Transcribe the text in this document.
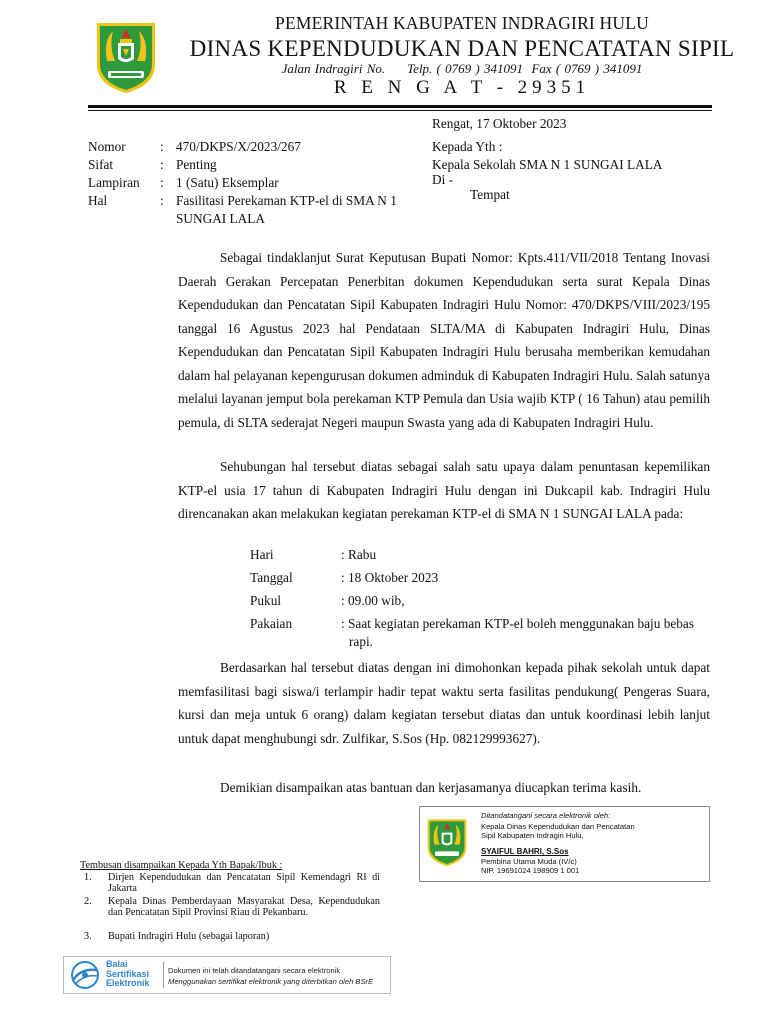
PEMERINTAH KABUPATEN INDRAGIRI HULU
DINAS KEPENDUDUKAN DAN PENCATATAN SIPIL
Jalan Indragiri No. Telp. ( 0769 ) 341091 Fax ( 0769 ) 341091
R E N G A T - 29351
Rengat, 17 Oktober 2023
Nomor	: 470/DKPS/X/2023/267
Sifat	: Penting
Lampiran : 1 (Satu) Eksemplar
Hal	: Fasilitasi Perekaman KTP-el di SMA N 1 SUNGAI LALA
Kepada Yth :
Kepala Sekolah SMA N 1 SUNGAI LALA
Di -
Tempat
Sebagai tindaklanjut Surat Keputusan Bupati Nomor: Kpts.411/VII/2018 Tentang Inovasi Daerah Gerakan Percepatan Penerbitan dokumen Kependudukan serta surat Kepala Dinas Kependudukan dan Pencatatan Sipil Kabupaten Indragiri Hulu Nomor: 470/DKPS/VIII/2023/195 tanggal 16 Agustus 2023 hal Pendataan SLTA/MA di Kabupaten Indragiri Hulu, Dinas Kependudukan dan Pencatatan Sipil Kabupaten Indragiri Hulu berusaha memberikan kemudahan dalam hal pelayanan kepengurusan dokumen adminduk di Kabupaten Indragiri Hulu. Salah satunya melalui layanan jemput bola perekaman KTP Pemula dan Usia wajib KTP ( 16 Tahun) atau pemilih pemula, di SLTA sederajat Negeri maupun Swasta yang ada di Kabupaten Indragiri Hulu.
Sehubungan hal tersebut diatas sebagai salah satu upaya dalam penuntasan kepemilikan KTP-el usia 17 tahun di Kabupaten Indragiri Hulu dengan ini Dukcapil kab. Indragiri Hulu direncanakan akan melakukan kegiatan perekaman KTP-el di SMA N 1 SUNGAI LALA pada:
Hari	: Rabu
Tanggal	: 18 Oktober 2023
Pukul	: 09.00 wib,
Pakaian	: Saat kegiatan perekaman KTP-el boleh menggunakan baju bebas rapi.
Berdasarkan hal tersebut diatas dengan ini dimohonkan kepada pihak sekolah untuk dapat memfasilitasi bagi siswa/i terlampir hadir tepat waktu serta fasilitas pendukung( Pengeras Suara, kursi dan meja untuk 6 orang) dalam kegiatan tersebut diatas dan untuk koordinasi lebih lanjut untuk dapat menghubungi sdr. Zulfikar, S.Sos (Hp. 082129993627).
Demikian disampaikan atas bantuan dan kerjasamanya diucapkan terima kasih.
Ditandatangani secara elektronik oleh:
Kepala Dinas Kependudukan dan Pencatatan
Sipil Kabupaten Indragiri Hulu,
SYAIFUL BAHRI, S.Sos
Pembina Utama Muda (IV/c)
NIP. 19691024 198909 1 001
Tembusan disampaikan Kepada Yth Bapak/Ibuk :
1. Dirjen Kependudukan dan Pencatatan Sipil Kemendagri RI di Jakarta
2. Kepala Dinas Pemberdayaan Masyarakat Desa, Kependudukan dan Pencatatan Sipil Provinsi Riau di Pekanbaru.
3. Bupati Indragiri Hulu (sebagai laporan)
Balai
Sertifikasi
Elektronik
Dokumen ini telah ditandatangani secara elektronik
Menggunakan sertifikat elektronik yang diterbitkan oleh BSrE
